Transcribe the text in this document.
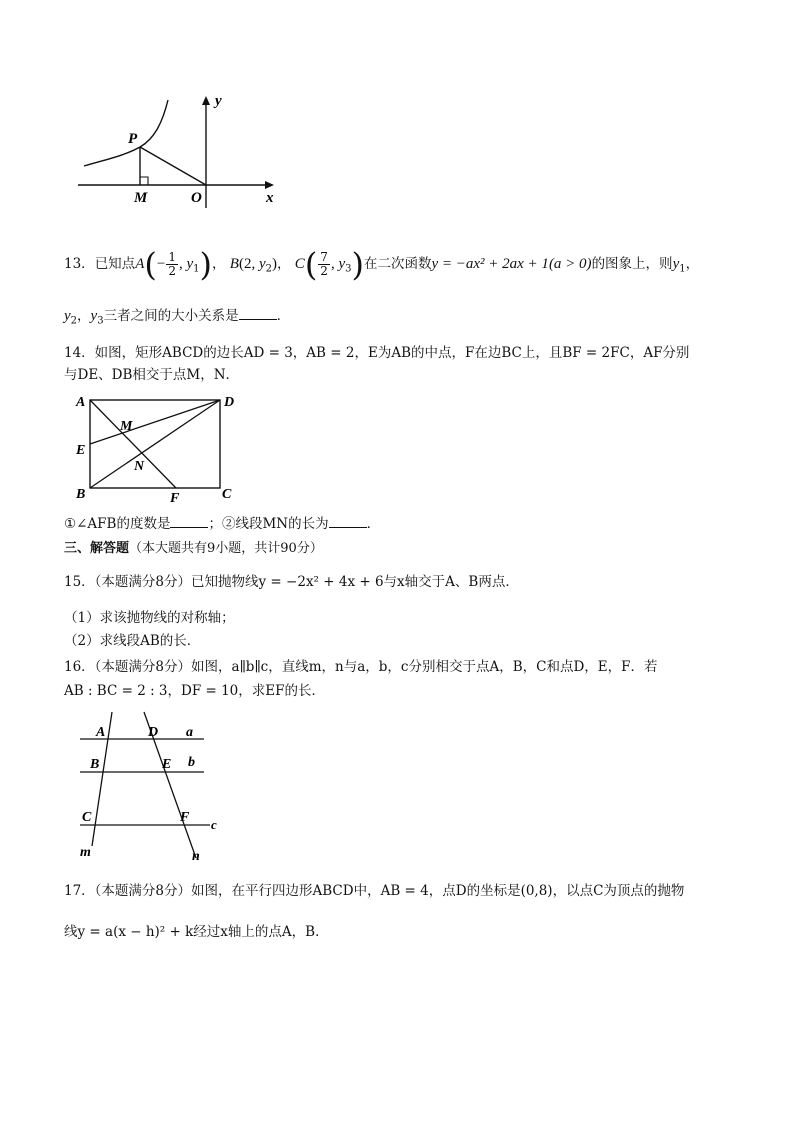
P
M	O	x
y
13．已知点$A(- \frac{1}{2}$ , $y_1$)， B(2, $y_2$)， $C( \frac{7}{2}$ , $y_3$)在二次函数y = −ax² + 2ax + 1(a > 0)的图象上，则$y_1$，
$y_2$，$y_3$三者之间的大小关系是	．
14．如图，矩形ABCD的边长AD = 3，AB = 2，E为AB的中点，F在边BC上，且BF = 2FC，AF分别
与DE、DB相交于点M，N．
A	D
E
B	C
F
M
N
①∠AFB的度数是	；②线段MN的长为	．
三、解答题（本大题共有9小题，共计90分）
15．（本题满分8分）已知抛物线y = −2x² + 4x + 6与x轴交于A、B两点．
（1）求该抛物线的对称轴；
（2）求线段AB的长．
16．（本题满分8分）如图，a∥b∥c，直线m，n与a，b，c分别相交于点A，B，C和点D，E，F．若
AB : BC = 2 : 3，DF = 10，求EF的长．
A	D a
B	E b
C	F c
m	n
17．（本题满分8分）如图，在平行四边形ABCD中，AB = 4，点D的坐标是(0,8)，以点C为顶点的抛物
线y = a(x − h)² + k经过x轴上的点A，B．
